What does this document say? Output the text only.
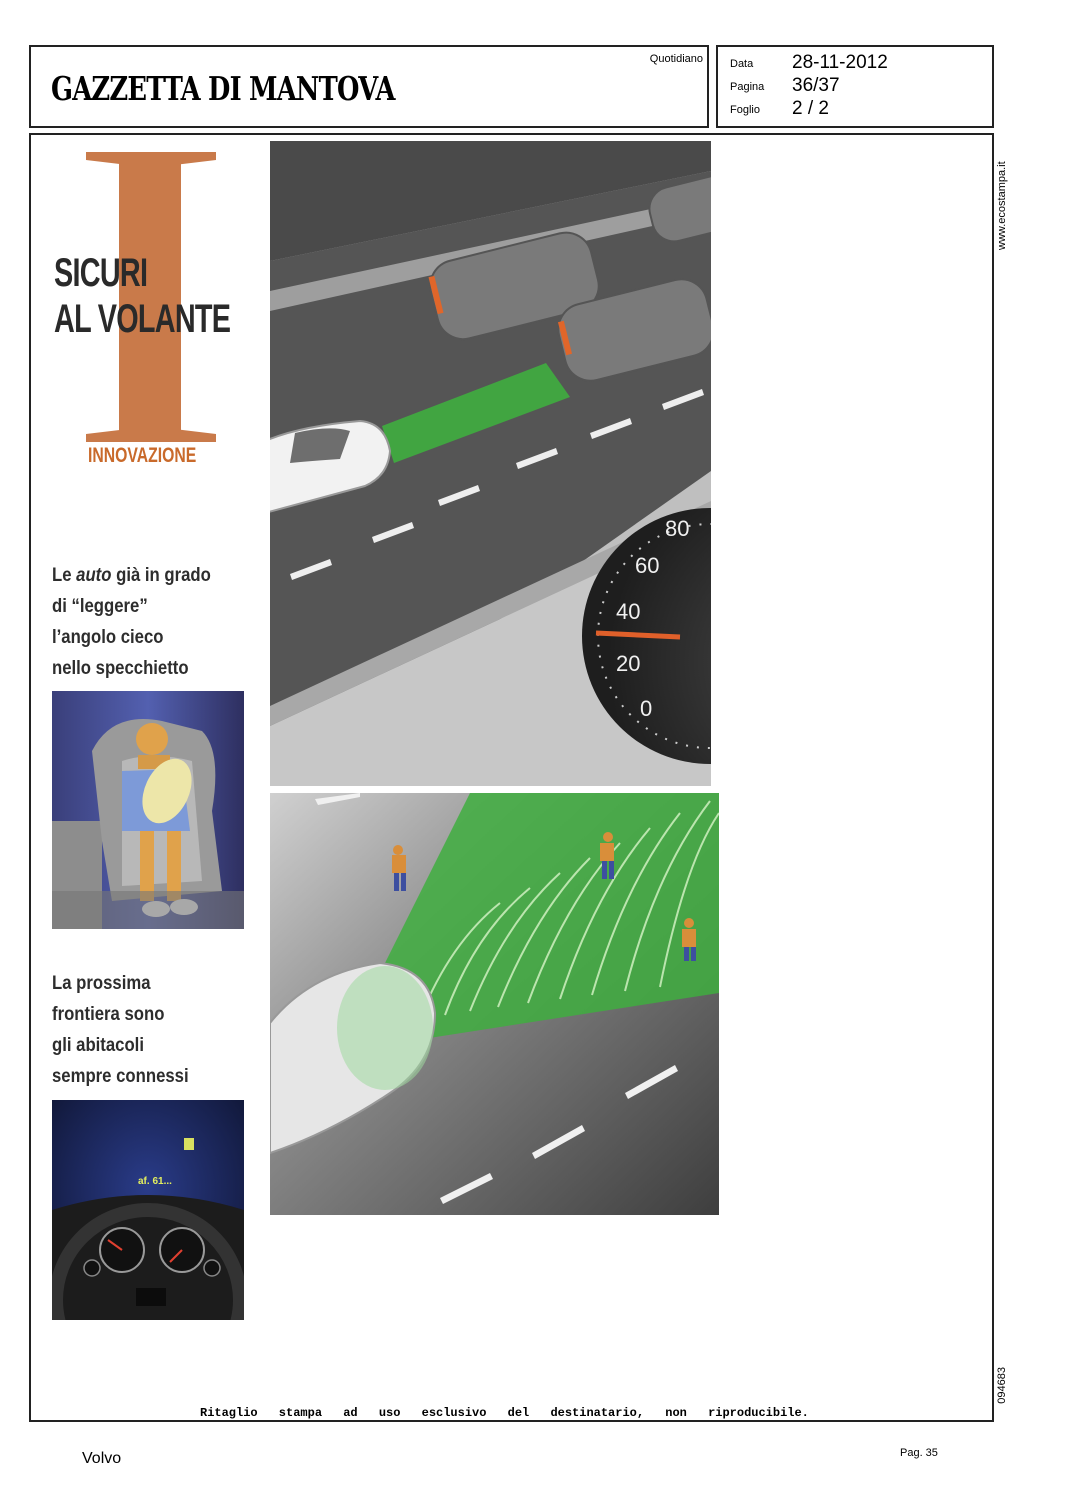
GAZZETTA DI MANTOVA
Quotidiano Data 28-11-2012
Pagina 36/37
Foglio 2 / 2
www.ecostampa.it
094683
SICURI
AL VOLANTE
INNOVAZIONE
Le auto già in grado
di “leggere”
l’angolo cieco
nello specchietto
La prossima
frontiera sono
gli abitacoli
sempre connessi
af. 61...
80
60
40
20
0
Ritaglio stampa ad uso esclusivo del destinatario, non riproducibile.
Volvo	Pag. 35
